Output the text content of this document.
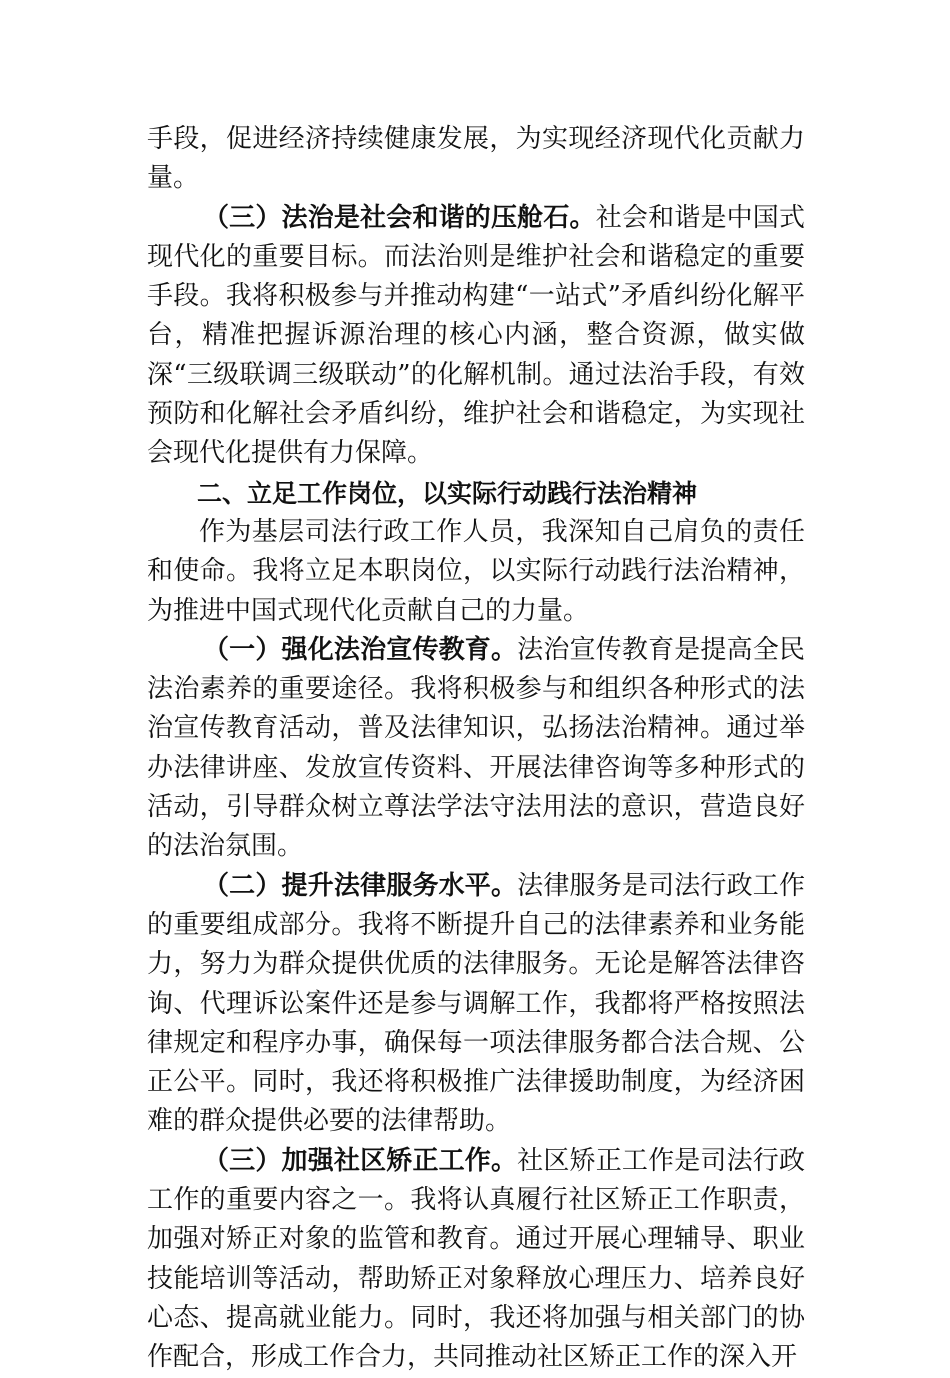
手段，促进经济持续健康发展，为实现经济现代化贡献力量。

（三）法治是社会和谐的压舱石。社会和谐是中国式现代化的重要目标。而法治则是维护社会和谐稳定的重要手段。我将积极参与并推动构建“一站式”矛盾纠纷化解平台，精准把握诉源治理的核心内涵，整合资源，做实做深“三级联调三级联动”的化解机制。通过法治手段，有效预防和化解社会矛盾纠纷，维护社会和谐稳定，为实现社会现代化提供有力保障。

二、立足工作岗位，以实际行动践行法治精神

作为基层司法行政工作人员，我深知自己肩负的责任和使命。我将立足本职岗位，以实际行动践行法治精神，为推进中国式现代化贡献自己的力量。

（一）强化法治宣传教育。法治宣传教育是提高全民法治素养的重要途径。我将积极参与和组织各种形式的法治宣传教育活动，普及法律知识，弘扬法治精神。通过举办法律讲座、发放宣传资料、开展法律咨询等多种形式的活动，引导群众树立尊法学法守法用法的意识，营造良好的法治氛围。

（二）提升法律服务水平。法律服务是司法行政工作的重要组成部分。我将不断提升自己的法律素养和业务能力，努力为群众提供优质的法律服务。无论是解答法律咨询、代理诉讼案件还是参与调解工作，我都将严格按照法律规定和程序办事，确保每一项法律服务都合法合规、公正公平。同时，我还将积极推广法律援助制度，为经济困难的群众提供必要的法律帮助。

（三）加强社区矫正工作。社区矫正工作是司法行政工作的重要内容之一。我将认真履行社区矫正工作职责，加强对矫正对象的监管和教育。通过开展心理辅导、职业技能培训等活动，帮助矫正对象释放心理压力、培养良好心态、提高就业能力。同时，我还将加强与相关部门的协作配合，形成工作合力，共同推动社区矫正工作的深入开
